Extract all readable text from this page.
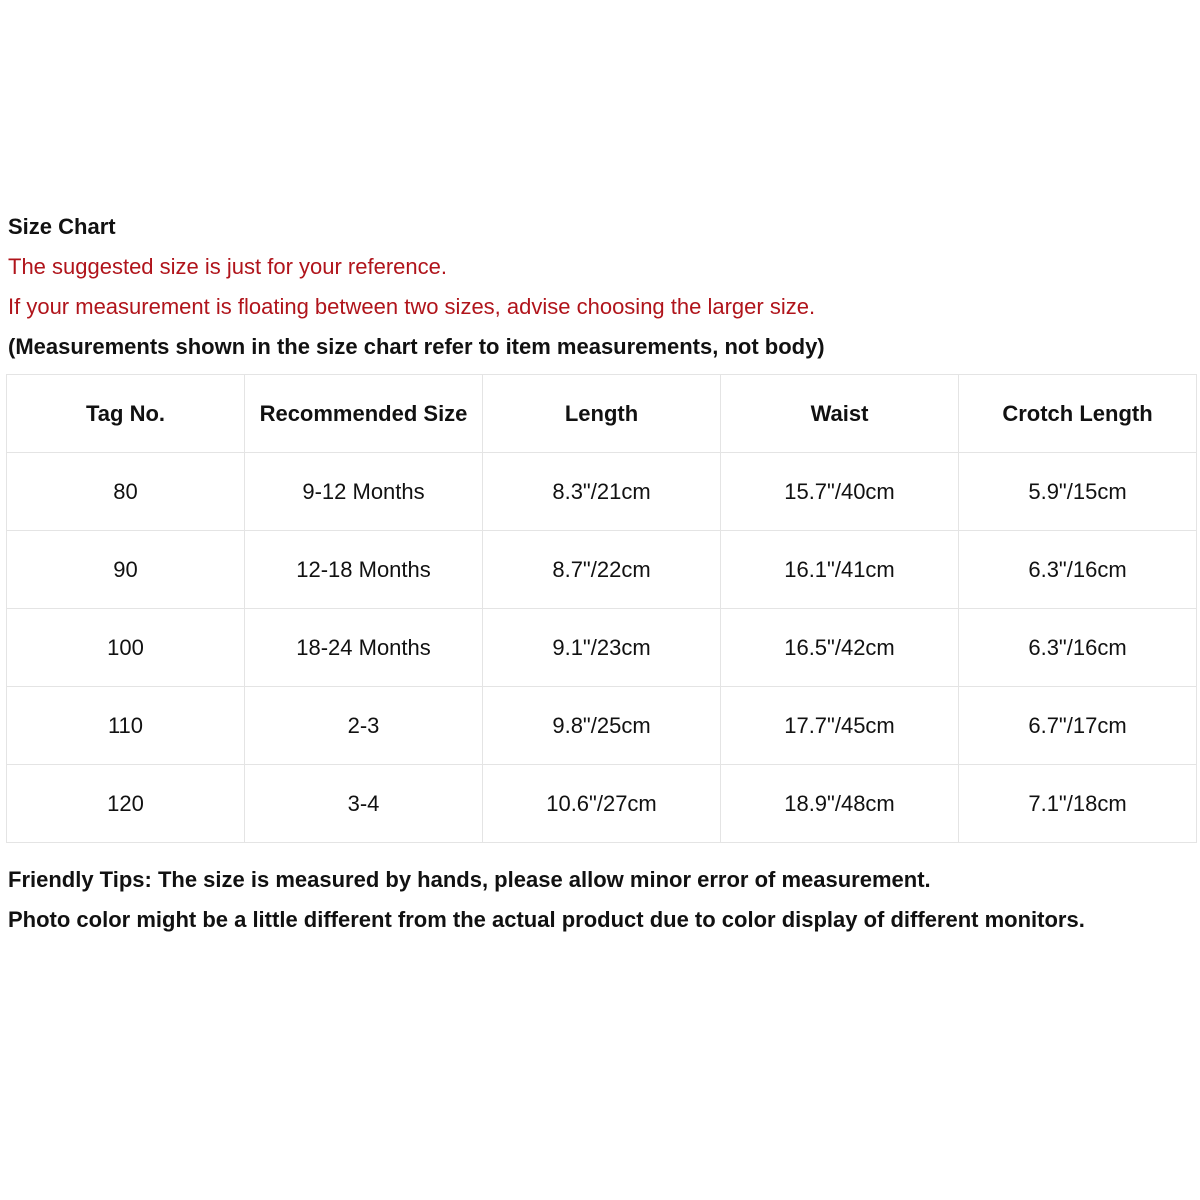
Size Chart
The suggested size is just for your reference.
If your measurement is floating between two sizes, advise choosing the larger size.
(Measurements shown in the size chart refer to item measurements, not body)
Tag No.	Recommended Size	Length	Waist	Crotch Length
80	9-12 Months	8.3"/21cm	15.7"/40cm	5.9"/15cm
90	12-18 Months	8.7"/22cm	16.1"/41cm	6.3"/16cm
100	18-24 Months	9.1"/23cm	16.5"/42cm	6.3"/16cm
110	2-3	9.8"/25cm	17.7"/45cm	6.7"/17cm
120	3-4	10.6"/27cm	18.9"/48cm	7.1"/18cm
Friendly Tips: The size is measured by hands, please allow minor error of measurement.
Photo color might be a little different from the actual product due to color display of different monitors.
